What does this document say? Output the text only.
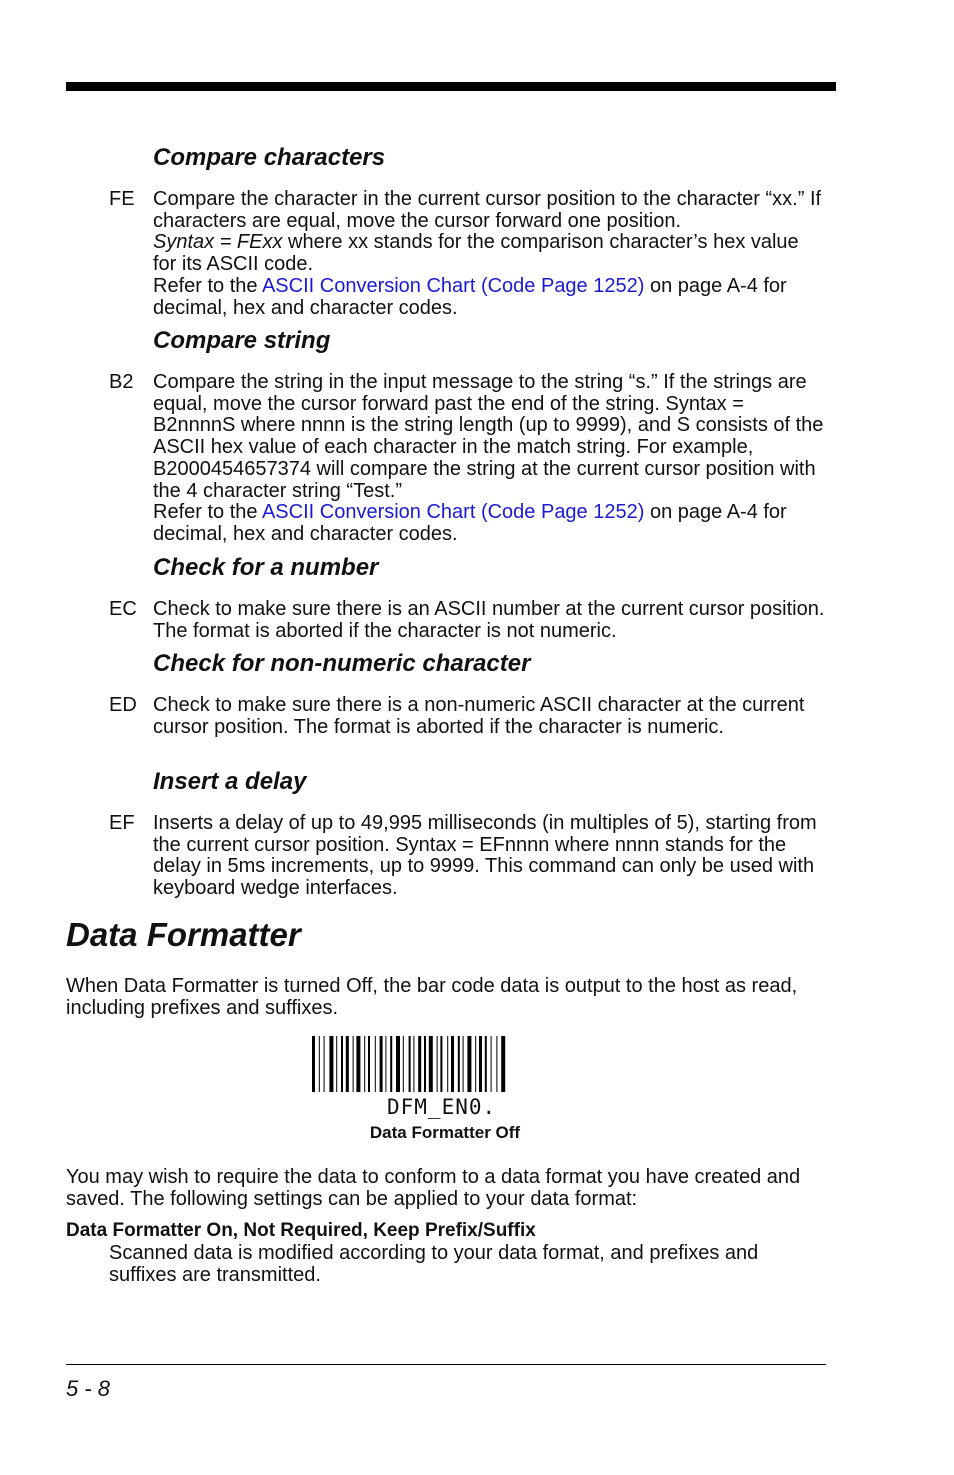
Compare characters
FE Compare the character in the current cursor position to the character “xx.” If characters are equal, move the cursor forward one position.
Syntax = FExx where xx stands for the comparison character’s hex value for its ASCII code.

Refer to the ASCII Conversion Chart (Code Page 1252) on page A-4 for decimal, hex and character codes.

Compare string
B2 Compare the string in the input message to the string “s.” If the strings are equal, move the cursor forward past the end of the string. Syntax = B2nnnnS where nnnn is the string length (up to 9999), and S consists of the ASCII hex value of each character in the match string. For example, B2000454657374 will compare the string at the current cursor position with the 4 character string “Test.”

Refer to the ASCII Conversion Chart (Code Page 1252) on page A-4 for decimal, hex and character codes.

Check for a number
EC Check to make sure there is an ASCII number at the current cursor position. The format is aborted if the character is not numeric.
Check for non-numeric character
ED Check to make sure there is a non-numeric ASCII character at the current cursor position. The format is aborted if the character is numeric.
Insert a delay
EF Inserts a delay of up to 49,995 milliseconds (in multiples of 5), starting from the current cursor position. Syntax = EFnnnn where nnnn stands for the delay in 5ms increments, up to 9999. This command can only be used with keyboard wedge interfaces.
Data Formatter

When Data Formatter is turned Off, the bar code data is output to the host as read, including prefixes and suffixes.

DFM_EN0.
Data Formatter Off

You may wish to require the data to conform to a data format you have created and saved. The following settings can be applied to your data format:

Data Formatter On, Not Required, Keep Prefix/Suffix

Scanned data is modified according to your data format, and prefixes and suffixes are transmitted.

5 - 8
